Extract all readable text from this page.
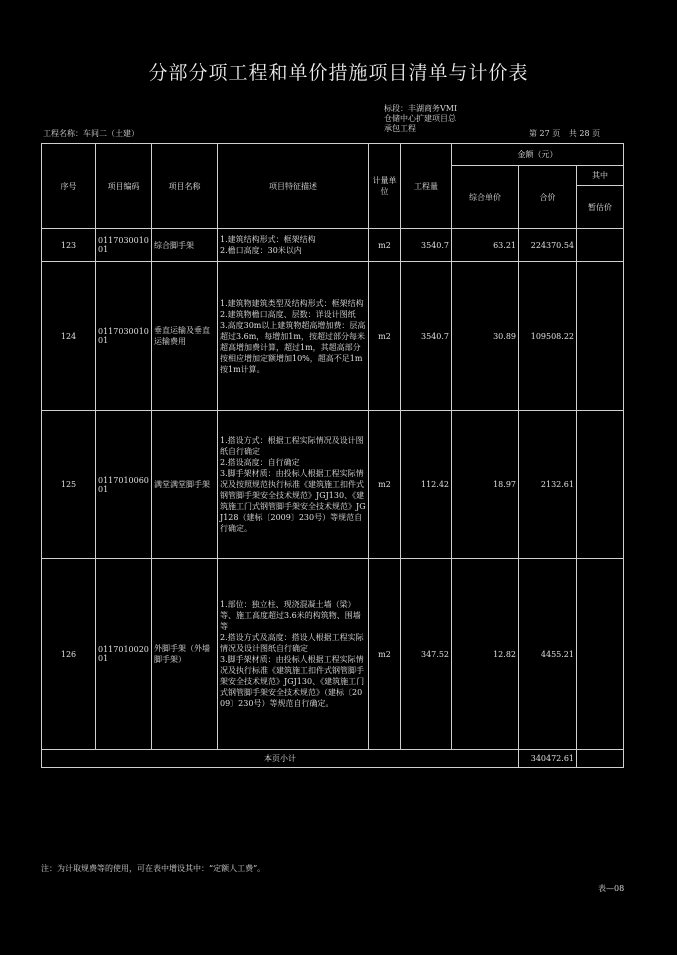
分部分项工程和单价措施项目清单与计价表
标段：丰湖商务VMI
仓储中心扩建项目总
承包工程
工程名称：车间二（土建）	第 27 页 共 28 页
序号	项目编码	项目名称	项目特征描述	计量单位	工程量	金额（元）		
						综合单价	合价	其中
								暂估价
123	011703001001	综合脚手架	1.建筑结构形式：框架结构
2.檐口高度：30米以内	m2	3540.7	63.21	224370.54	
124	011703001001	垂直运输及垂直运输费用	1.建筑物建筑类型及结构形式：框架结构
2.建筑物檐口高度、层数：详设计图纸
3.高度30m以上建筑物超高增加费：层高超过3.6m，每增加1m，按超过部分每米超高增加费计算，超过1m，其超高部分按相应增加定额增加10%，超高不足1m按1m计算。	m2	3540.7	30.89	109508.22	
125	011701006001	满堂满堂脚手架	1.搭设方式：根据工程实际情况及设计图纸自行确定
2.搭设高度：自行确定
3.脚手架材质：由投标人根据工程实际情况及按照规范执行标准《建筑施工扣件式钢管脚手架安全技术规范》JGJ130、《建筑施工门式钢管脚手架安全技术规范》JGJ128（建标〔2009〕230号）等规范自行确定。	m2	112.42	18.97	2132.61	
126	011701002001	外脚手架（外墙脚手架）	1.部位：独立柱、现浇混凝土墙（梁）等、施工高度超过3.6米的构筑物、围墙等
2.搭设方式及高度：搭设人根据工程实际情况及设计图纸自行确定
3.脚手架材质：由投标人根据工程实际情况及执行标准《建筑施工扣件式钢管脚手架安全技术规范》JGJ130、《建筑施工门式钢管脚手架安全技术规范》（建标〔2009〕230号）等规范自行确定。	m2	347.52	12.82	4455.21	
本页小计							340472.61	
注：为计取规费等的使用，可在表中增设其中：“定额人工费”。
表—08
